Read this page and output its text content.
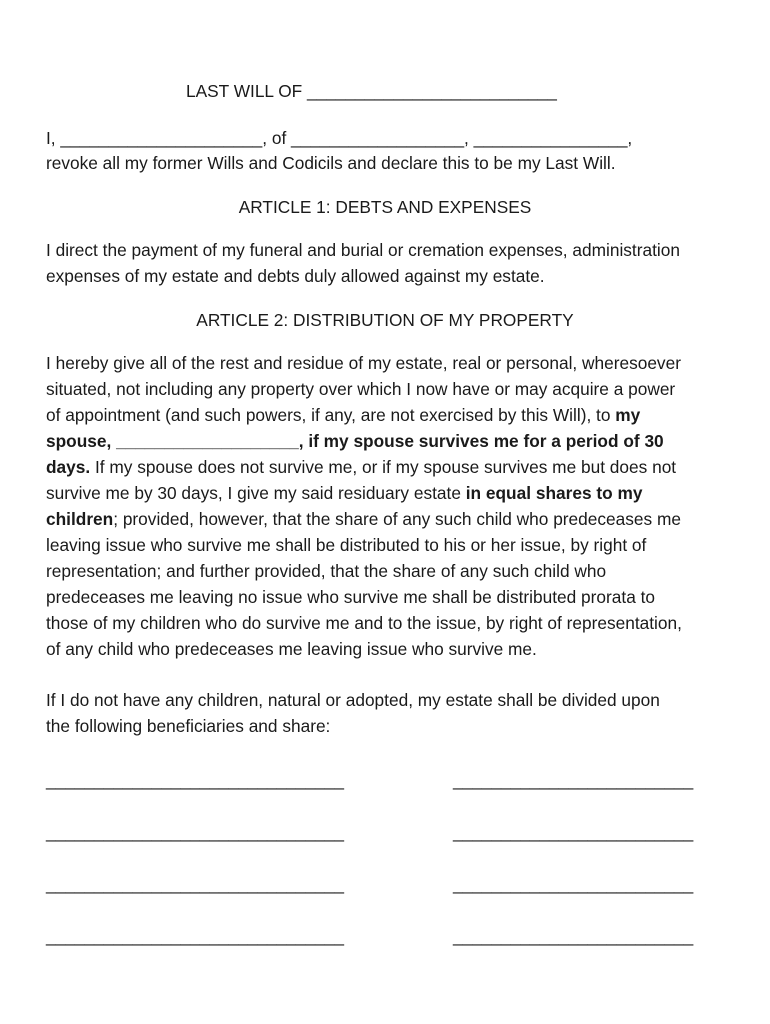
LAST WILL OF __________________________
I, _____________________, of __________________, ________________,
revoke all my former Wills and Codicils and declare this to be my Last Will.
ARTICLE 1: DEBTS AND EXPENSES
I direct the payment of my funeral and burial or cremation expenses, administration
expenses of my estate and debts duly allowed against my estate.
ARTICLE 2: DISTRIBUTION OF MY PROPERTY
I hereby give all of the rest and residue of my estate, real or personal, wheresoever
situated, not including any property over which I now have or may acquire a power
of appointment (and such powers, if any, are not exercised by this Will), to my
spouse, ___________________, if my spouse survives me for a period of 30
days. If my spouse does not survive me, or if my spouse survives me but does not
survive me by 30 days, I give my said residuary estate in equal shares to my
children; provided, however, that the share of any such child who predeceases me
leaving issue who survive me shall be distributed to his or her issue, by right of
representation; and further provided, that the share of any such child who
predeceases me leaving no issue who survive me shall be distributed prorata to
those of my children who do survive me and to the issue, by right of representation,
of any child who predeceases me leaving issue who survive me.
If I do not have any children, natural or adopted, my estate shall be divided upon
the following beneficiaries and share:
_______________________________	_________________________
_______________________________	_________________________
_______________________________	_________________________
_______________________________	_________________________
